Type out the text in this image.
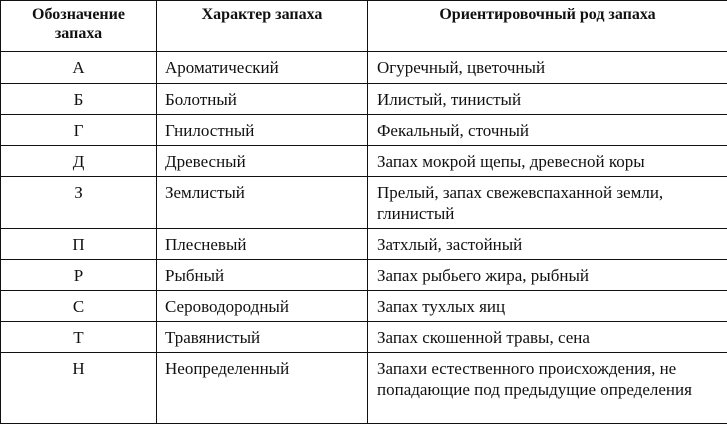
Обозначение запаха	Характер запаха	Ориентировочный род запаха
А	Ароматический	Огуречный, цветочный
Б	Болотный	Илистый, тинистый
Г	Гнилостный	Фекальный, сточный
Д	Древесный	Запах мокрой щепы, древесной коры
З	Землистый	Прелый, запах свежевспаханной земли, глинистый
П	Плесневый	Затхлый, застойный
Р	Рыбный	Запах рыбьего жира, рыбный
С	Сероводородный	Запах тухлых яиц
Т	Травянистый	Запах скошенной травы, сена
Н	Неопределенный	Запахи естественного происхождения, не попадающие под предыдущие определения
